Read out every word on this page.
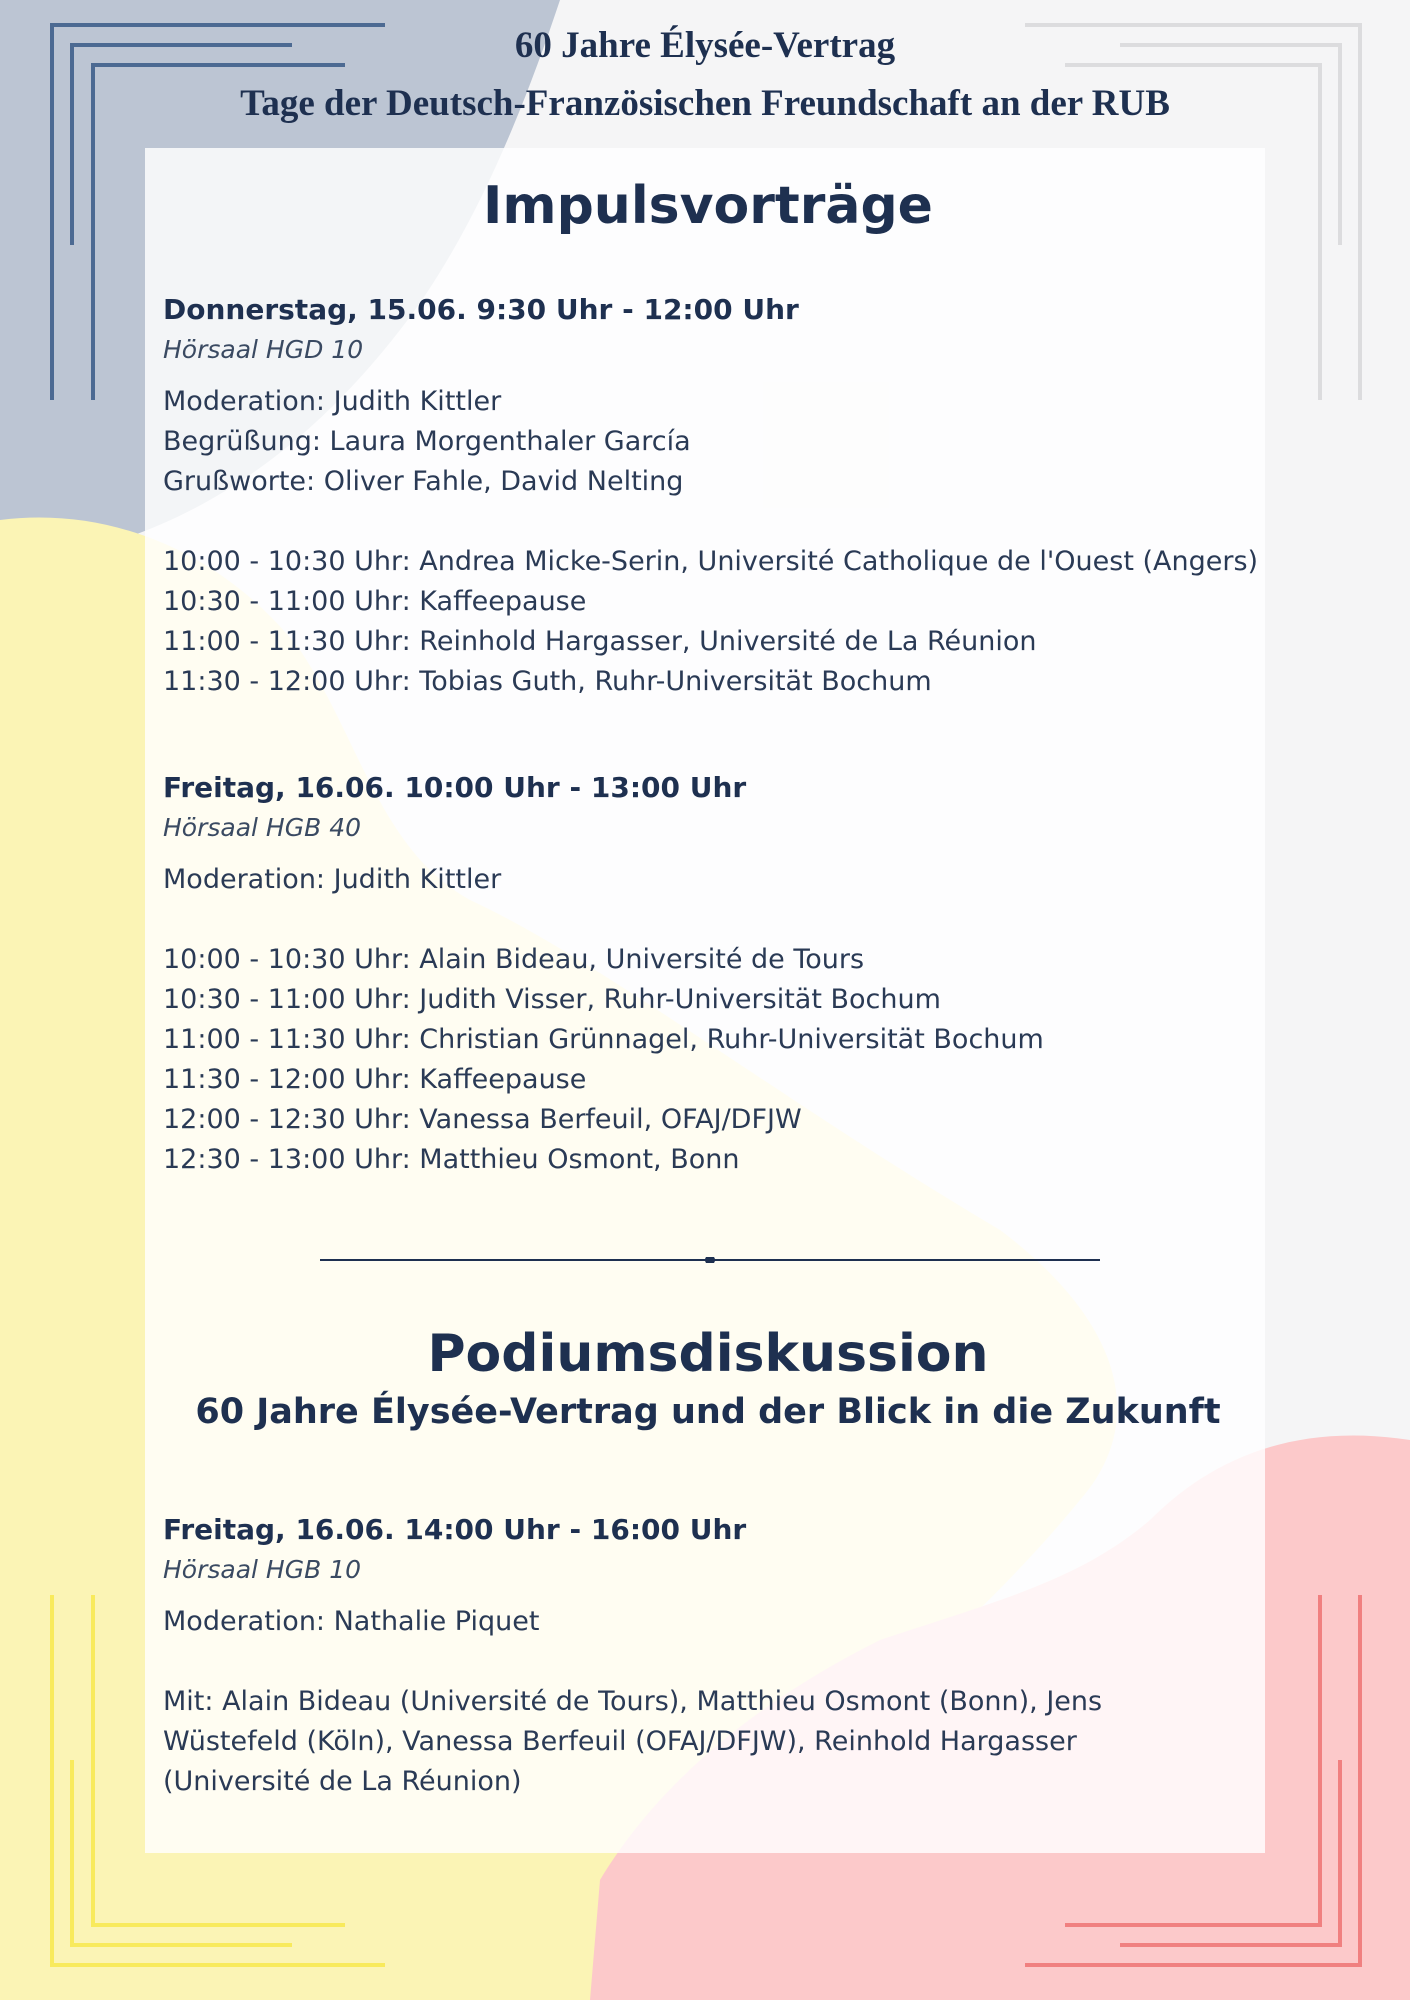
60 Jahre Élysée-Vertrag
Tage der Deutsch-Französischen Freundschaft an der RUB
Impulsvorträge
Donnerstag, 15.06. 9:30 Uhr - 12:00 Uhr
Hörsaal HGD 10
Moderation: Judith Kittler
Begrüßung: Laura Morgenthaler García
Grußworte: Oliver Fahle, David Nelting
10:00 - 10:30 Uhr: Andrea Micke-Serin, Université Catholique de l'Ouest (Angers)
10:30 - 11:00 Uhr: Kaffeepause
11:00 - 11:30 Uhr: Reinhold Hargasser, Université de La Réunion
11:30 - 12:00 Uhr: Tobias Guth, Ruhr-Universität Bochum
Freitag, 16.06. 10:00 Uhr - 13:00 Uhr
Hörsaal HGB 40
Moderation: Judith Kittler
10:00 - 10:30 Uhr: Alain Bideau, Université de Tours
10:30 - 11:00 Uhr: Judith Visser, Ruhr-Universität Bochum
11:00 - 11:30 Uhr: Christian Grünnagel, Ruhr-Universität Bochum
11:30 - 12:00 Uhr: Kaffeepause
12:00 - 12:30 Uhr: Vanessa Berfeuil, OFAJ/DFJW
12:30 - 13:00 Uhr: Matthieu Osmont, Bonn
Podiumsdiskussion
60 Jahre Élysée-Vertrag und der Blick in die Zukunft
Freitag, 16.06. 14:00 Uhr - 16:00 Uhr
Hörsaal HGB 10
Moderation: Nathalie Piquet
Mit: Alain Bideau (Université de Tours), Matthieu Osmont (Bonn), Jens Wüstefeld (Köln), Vanessa Berfeuil (OFAJ/DFJW), Reinhold Hargasser (Université de La Réunion)
